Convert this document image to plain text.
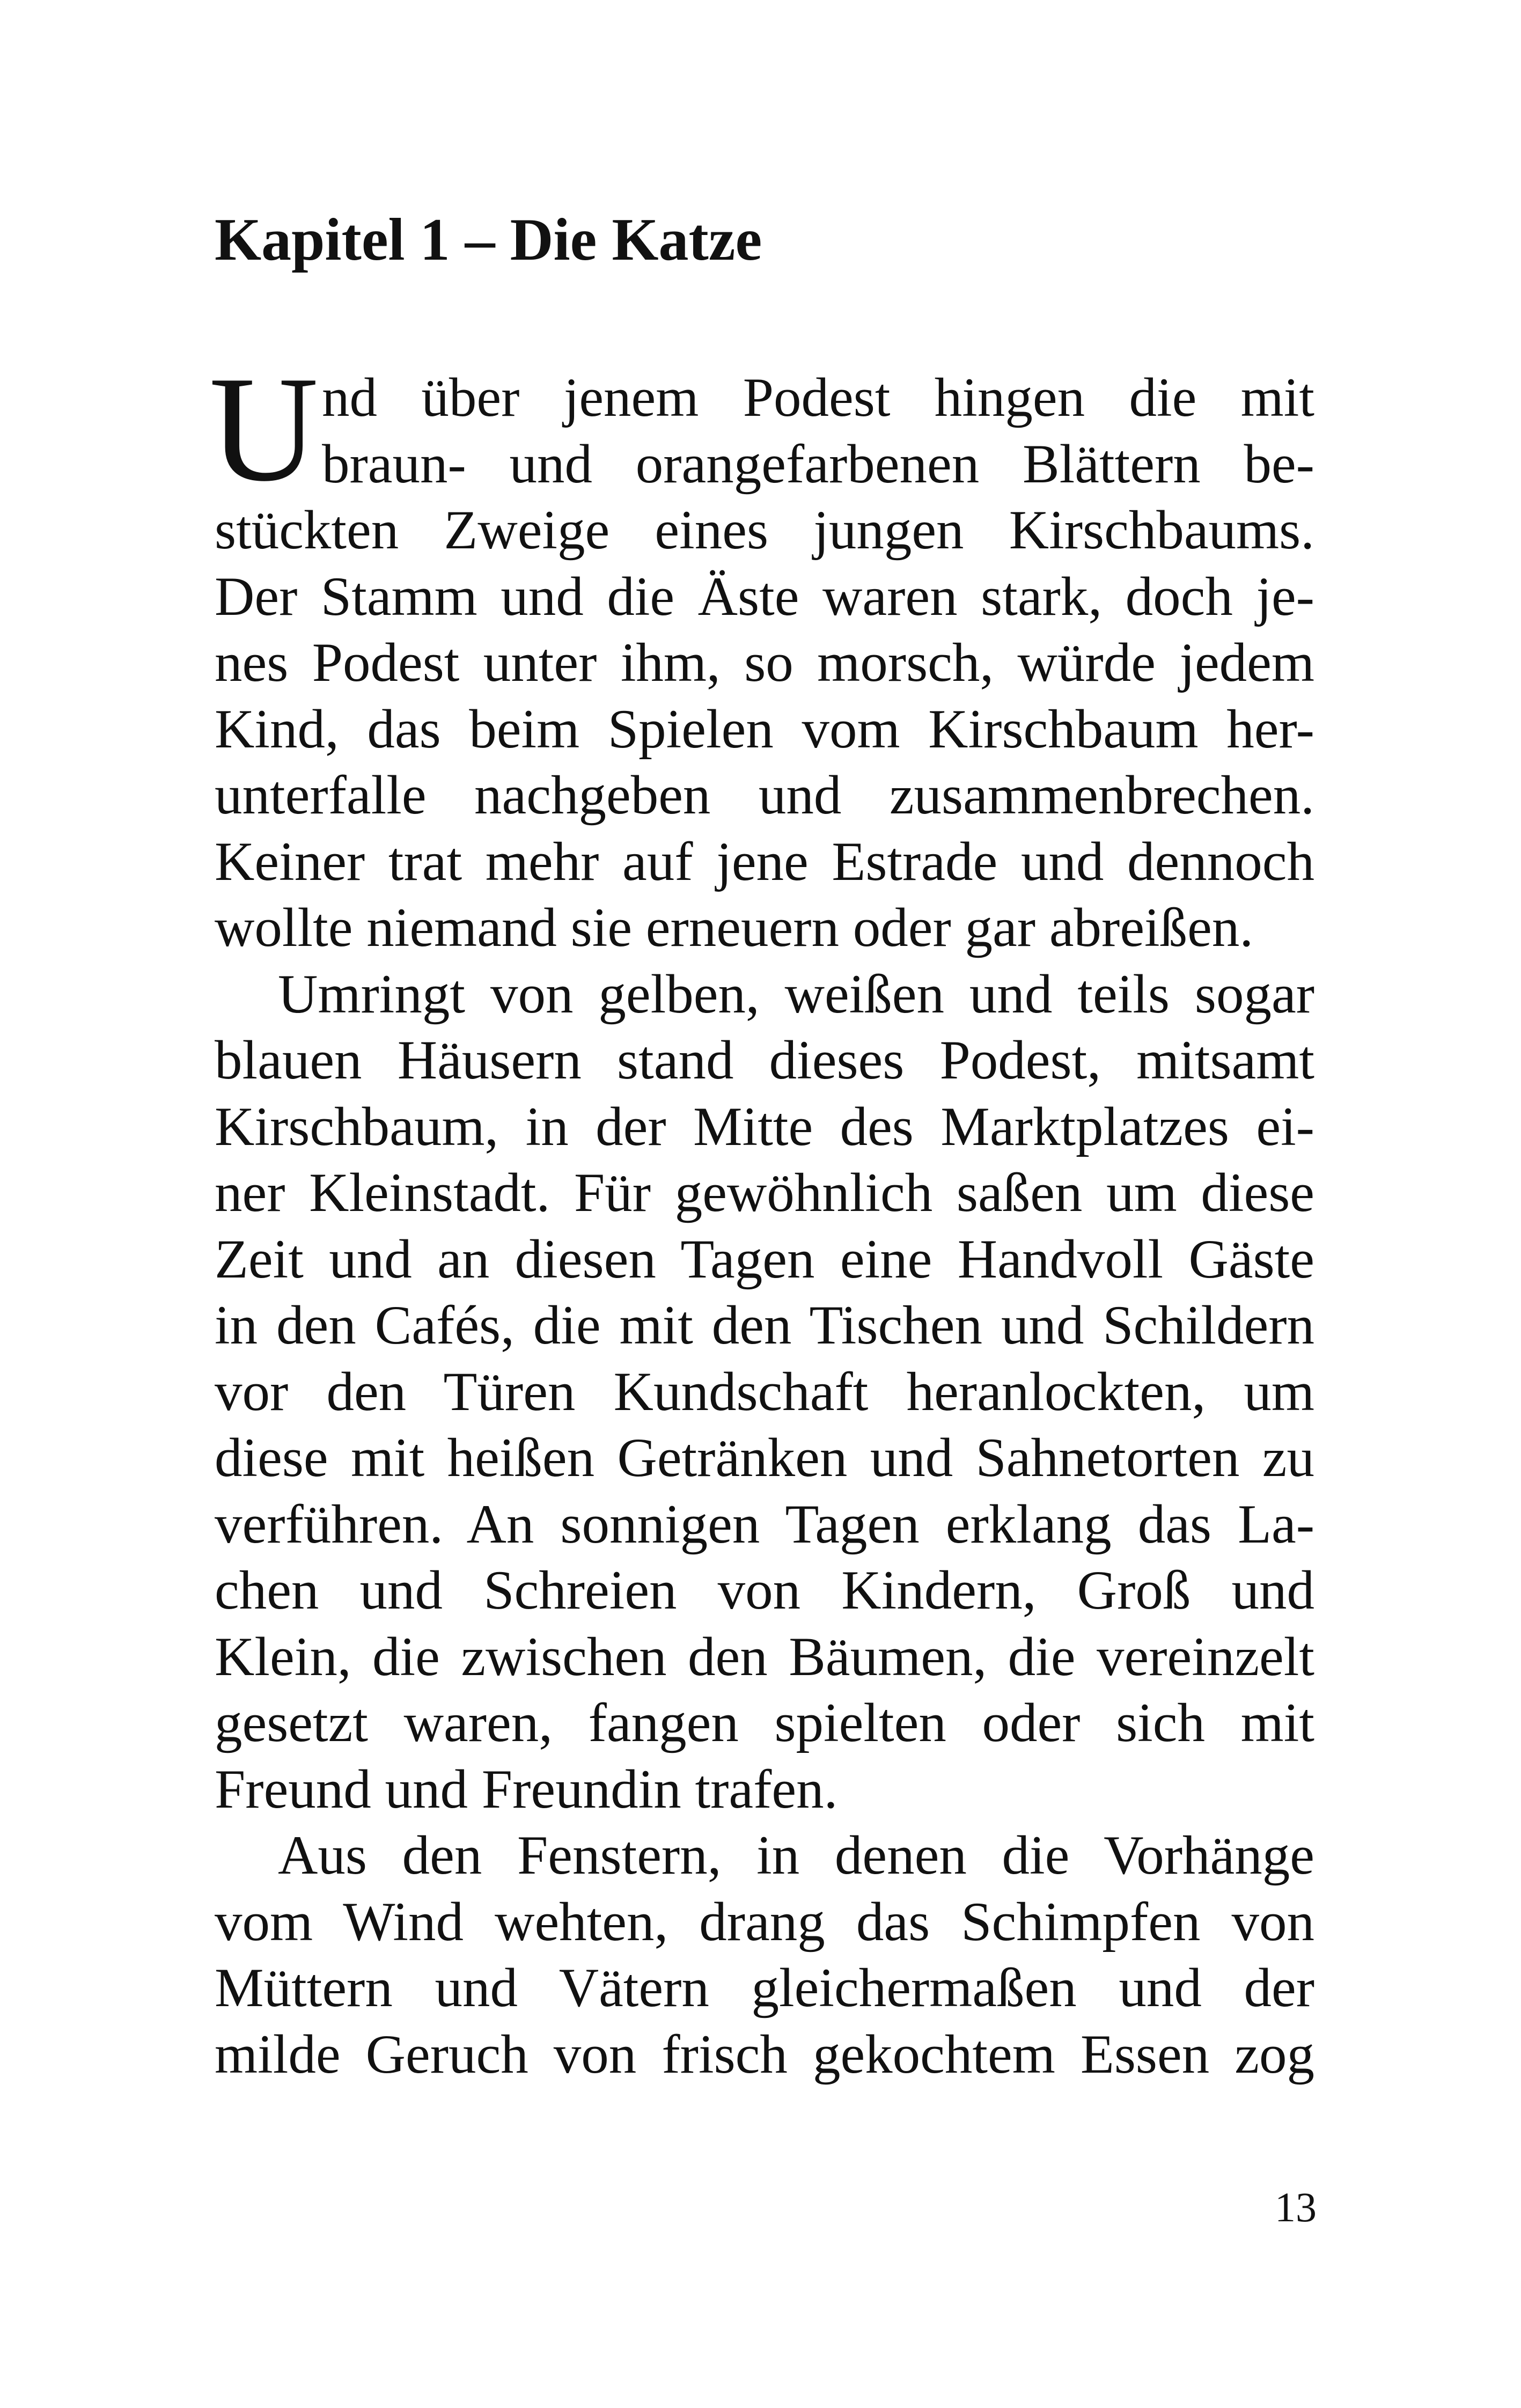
Kapitel 1 – Die Katze
U nd über jenem Podest hingen die mit
braun- und orangefarbenen Blättern be-
stückten Zweige eines jungen Kirschbaums.
Der Stamm und die Äste waren stark, doch je-
nes Podest unter ihm, so morsch, würde jedem
Kind, das beim Spielen vom Kirschbaum her-
unterfalle nachgeben und zusammenbrechen.
Keiner trat mehr auf jene Estrade und dennoch
wollte niemand sie erneuern oder gar abreißen.
Umringt von gelben, weißen und teils sogar
blauen Häusern stand dieses Podest, mitsamt
Kirschbaum, in der Mitte des Marktplatzes ei-
ner Kleinstadt. Für gewöhnlich saßen um diese
Zeit und an diesen Tagen eine Handvoll Gäste
in den Cafés, die mit den Tischen und Schildern
vor den Türen Kundschaft heranlockten, um
diese mit heißen Getränken und Sahnetorten zu
verführen. An sonnigen Tagen erklang das La-
chen und Schreien von Kindern, Groß und
Klein, die zwischen den Bäumen, die vereinzelt
gesetzt waren, fangen spielten oder sich mit
Freund und Freundin trafen.
Aus den Fenstern, in denen die Vorhänge
vom Wind wehten, drang das Schimpfen von
Müttern und Vätern gleichermaßen und der
milde Geruch von frisch gekochtem Essen zog
13
